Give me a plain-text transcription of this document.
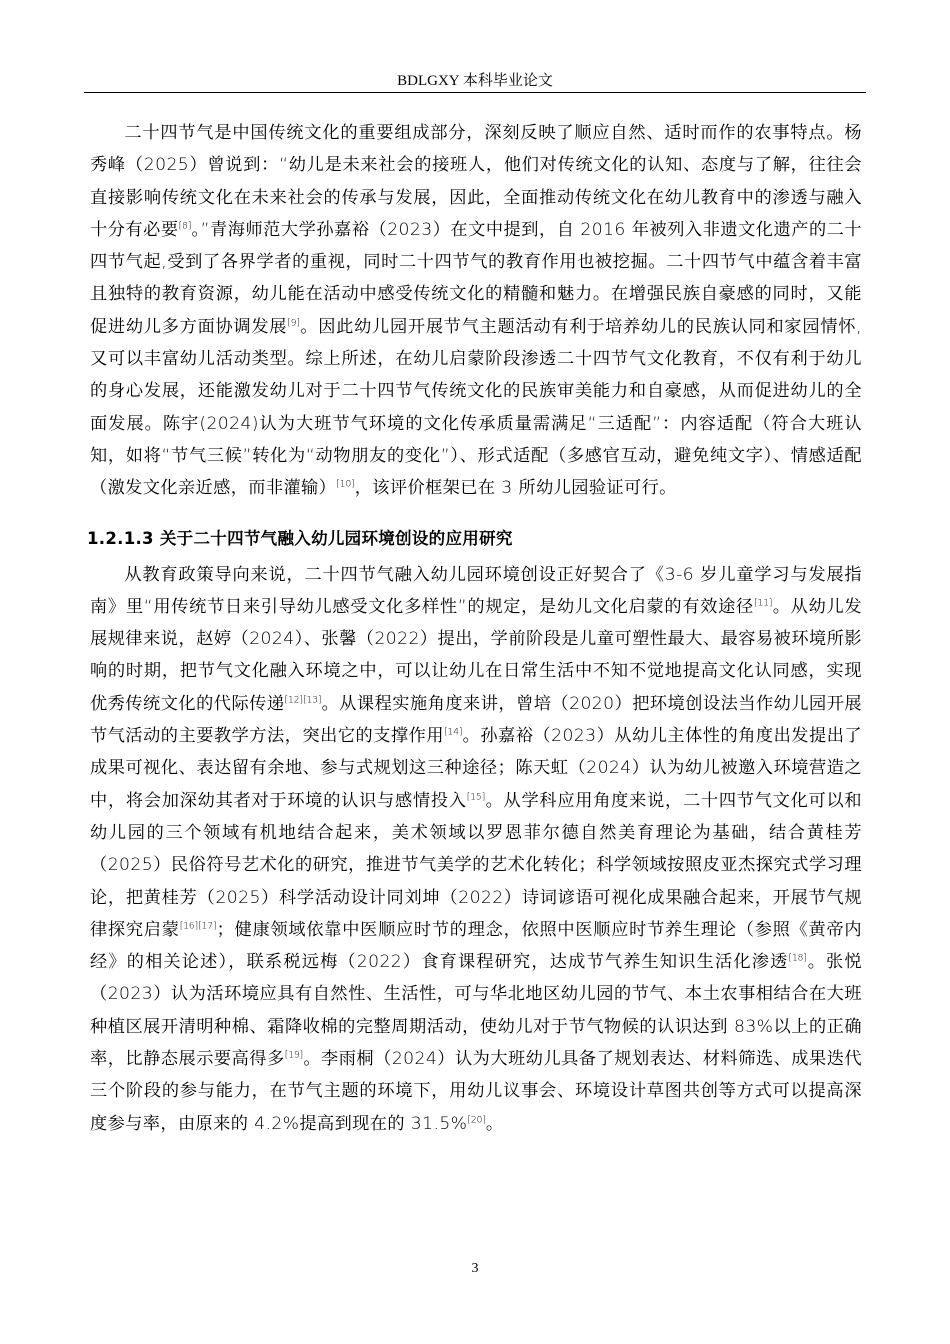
BDLGXY 本科毕业论文

二十四节气是中国传统文化的重要组成部分，深刻反映了顺应自然、适时而作的农事特点。杨秀峰（2025）曾说到：“幼儿是未来社会的接班人，他们对传统文化的认知、态度与了解，往往会直接影响传统文化在未来社会的传承与发展，因此，全面推动传统文化在幼儿教育中的渗透与融入十分有必要[8]。”青海师范大学孙嘉裕（2023）在文中提到，自 2016 年被列入非遗文化遗产的二十四节气起,受到了各界学者的重视，同时二十四节气的教育作用也被挖掘。二十四节气中蕴含着丰富且独特的教育资源，幼儿能在活动中感受传统文化的精髓和魅力。在增强民族自豪感的同时，又能促进幼儿多方面协调发展[9]。因此幼儿园开展节气主题活动有利于培养幼儿的民族认同和家园情怀,又可以丰富幼儿活动类型。综上所述，在幼儿启蒙阶段渗透二十四节气文化教育，不仅有利于幼儿的身心发展，还能激发幼儿对于二十四节气传统文化的民族审美能力和自豪感，从而促进幼儿的全面发展。陈宇(2024)认为大班节气环境的文化传承质量需满足“三适配”：内容适配（符合大班认知，如将“节气三候”转化为“动物朋友的变化”）、形式适配（多感官互动，避免纯文字）、情感适配（激发文化亲近感，而非灌输）[10]，该评价框架已在 3 所幼儿园验证可行。

1.2.1.3 关于二十四节气融入幼儿园环境创设的应用研究

从教育政策导向来说，二十四节气融入幼儿园环境创设正好契合了《3-6 岁儿童学习与发展指南》里“用传统节日来引导幼儿感受文化多样性”的规定，是幼儿文化启蒙的有效途径[11]。从幼儿发展规律来说，赵婷（2024）、张馨（2022）提出，学前阶段是儿童可塑性最大、最容易被环境所影响的时期，把节气文化融入环境之中，可以让幼儿在日常生活中不知不觉地提高文化认同感，实现优秀传统文化的代际传递[12][13]。从课程实施角度来讲，曾培（2020）把环境创设法当作幼儿园开展节气活动的主要教学方法，突出它的支撑作用[14]。孙嘉裕（2023）从幼儿主体性的角度出发提出了成果可视化、表达留有余地、参与式规划这三种途径；陈天虹（2024）认为幼儿被邀入环境营造之中，将会加深幼其者对于环境的认识与感情投入[15]。从学科应用角度来说，二十四节气文化可以和幼儿园的三个领域有机地结合起来，美术领域以罗恩菲尔德自然美育理论为基础，结合黄桂芳（2025）民俗符号艺术化的研究，推进节气美学的艺术化转化；科学领域按照皮亚杰探究式学习理论，把黄桂芳（2025）科学活动设计同刘坤（2022）诗词谚语可视化成果融合起来，开展节气规律探究启蒙[16][17]；健康领域依靠中医顺应时节的理念，依照中医顺应时节养生理论（参照《黄帝内经》的相关论述），联系税远梅（2022）食育课程研究，达成节气养生知识生活化渗透[18]。张悦（2023）认为活环境应具有自然性、生活性，可与华北地区幼儿园的节气、本土农事相结合在大班种植区展开清明种棉、霜降收棉的完整周期活动，使幼儿对于节气物候的认识达到 83%以上的正确率，比静态展示要高得多[19]。李雨桐（2024）认为大班幼儿具备了规划表达、材料筛选、成果迭代三个阶段的参与能力，在节气主题的环境下，用幼儿议事会、环境设计草图共创等方式可以提高深度参与率，由原来的 4.2%提高到现在的 31.5%[20]。

3
